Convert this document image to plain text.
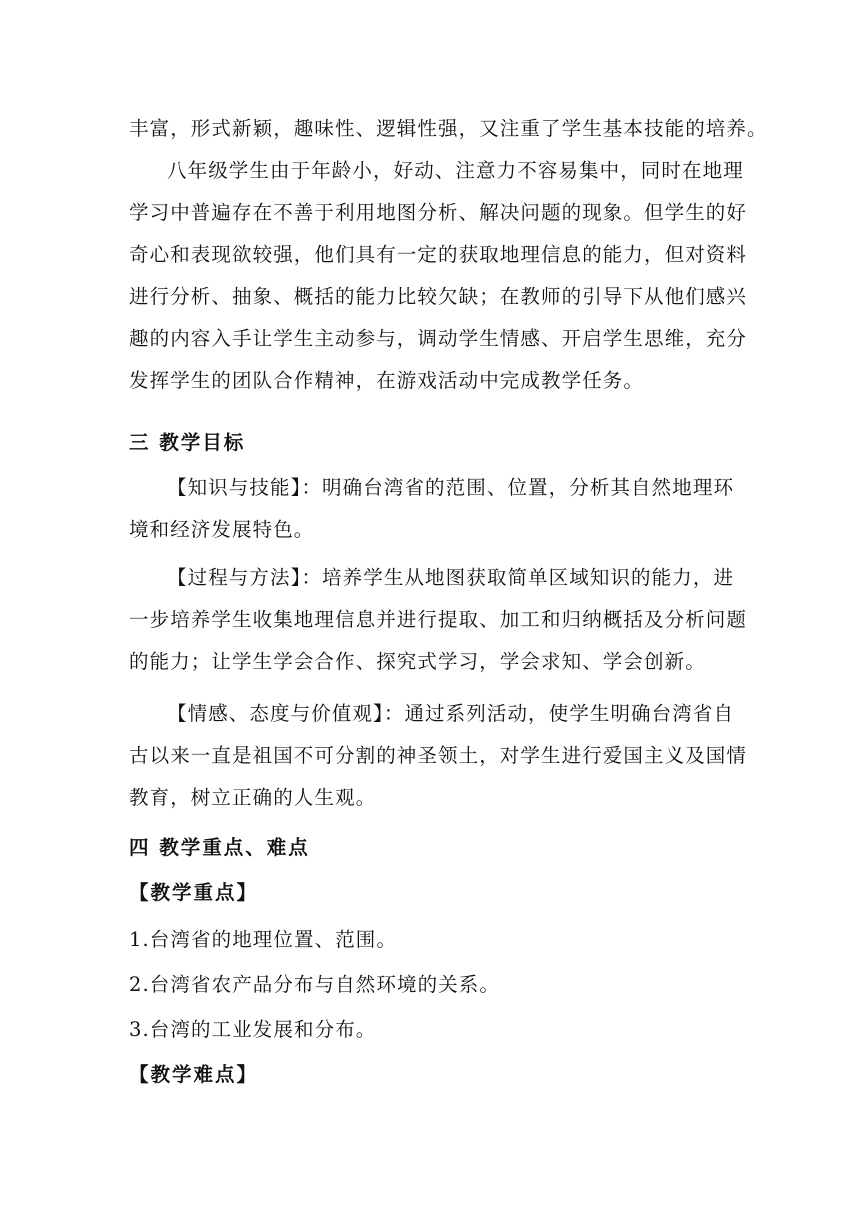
丰富，形式新颖，趣味性、逻辑性强，又注重了学生基本技能的培养。
八年级学生由于年龄小，好动、注意力不容易集中，同时在地理
学习中普遍存在不善于利用地图分析、解决问题的现象。但学生的好
奇心和表现欲较强，他们具有一定的获取地理信息的能力，但对资料
进行分析、抽象、概括的能力比较欠缺；在教师的引导下从他们感兴
趣的内容入手让学生主动参与，调动学生情感、开启学生思维，充分
发挥学生的团队合作精神，在游戏活动中完成教学任务。
三 教学目标
【知识与技能】：明确台湾省的范围、位置，分析其自然地理环
境和经济发展特色。
【过程与方法】：培养学生从地图获取简单区域知识的能力，进
一步培养学生收集地理信息并进行提取、加工和归纳概括及分析问题
的能力；让学生学会合作、探究式学习，学会求知、学会创新。
【情感、态度与价值观】：通过系列活动，使学生明确台湾省自
古以来一直是祖国不可分割的神圣领土，对学生进行爱国主义及国情
教育，树立正确的人生观。
四 教学重点、难点
【教学重点】
1.台湾省的地理位置、范围。
2.台湾省农产品分布与自然环境的关系。
3.台湾的工业发展和分布。
【教学难点】
